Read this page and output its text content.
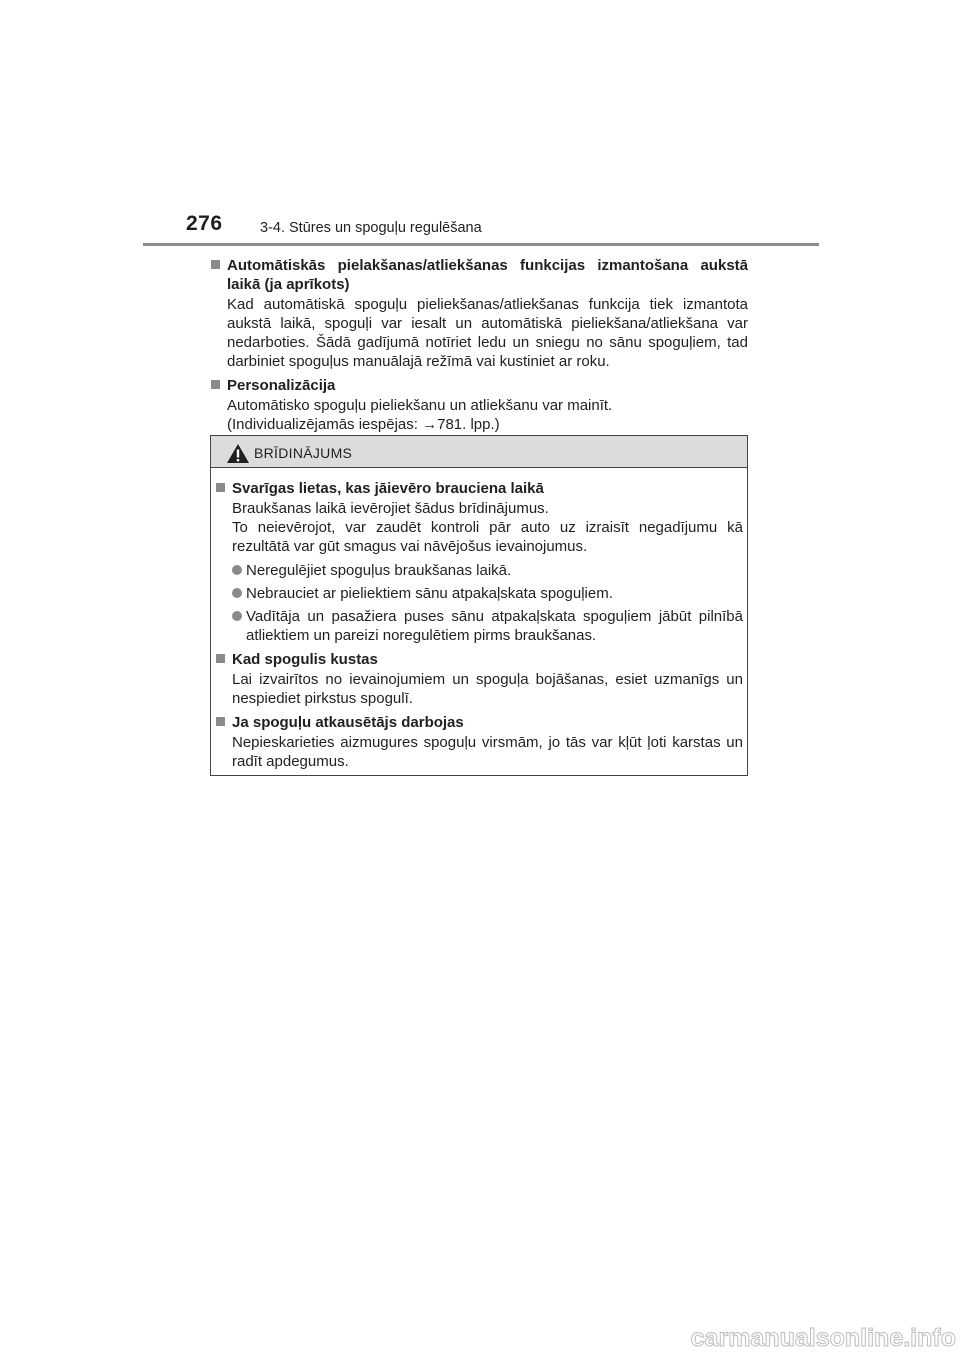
276	3-4. Stūres un spoguļu regulēšana
Automātiskās pielakšanas/atliekšanas funkcijas izmantošana aukstā laikā (ja aprīkots)
Kad automātiskā spoguļu pieliekšanas/atliekšanas funkcija tiek izmantota aukstā laikā, spoguļi var iesalt un automātiskā pieliekšana/atliekšana var nedarboties. Šādā gadījumā notīriet ledu un sniegu no sānu spoguļiem, tad darbiniet spoguļus manuālajā režīmā vai kustiniet ar roku.
Personalizācija
Automātisko spoguļu pieliekšanu un atliekšanu var mainīt.
(Individualizējamās iespējas: →781. lpp.)
BRĪDINĀJUMS
Svarīgas lietas, kas jāievēro brauciena laikā
Braukšanas laikā ievērojiet šādus brīdinājumus.
To neievērojot, var zaudēt kontroli pār auto uz izraisīt negadījumu kā rezultātā var gūt smagus vai nāvējošus ievainojumus.
Neregulējiet spoguļus braukšanas laikā.
Nebrauciet ar pieliektiem sānu atpakaļskata spoguļiem.
Vadītāja un pasažiera puses sānu atpakaļskata spoguļiem jābūt pilnībā atliektiem un pareizi noregulētiem pirms braukšanas.
Kad spogulis kustas
Lai izvairītos no ievainojumiem un spoguļa bojāšanas, esiet uzmanīgs un nespiediet pirkstus spogulī.
Ja spoguļu atkausētājs darbojas
Nepieskarieties aizmugures spoguļu virsmām, jo tās var kļūt ļoti karstas un radīt apdegumus.
carmanualsonline.info
